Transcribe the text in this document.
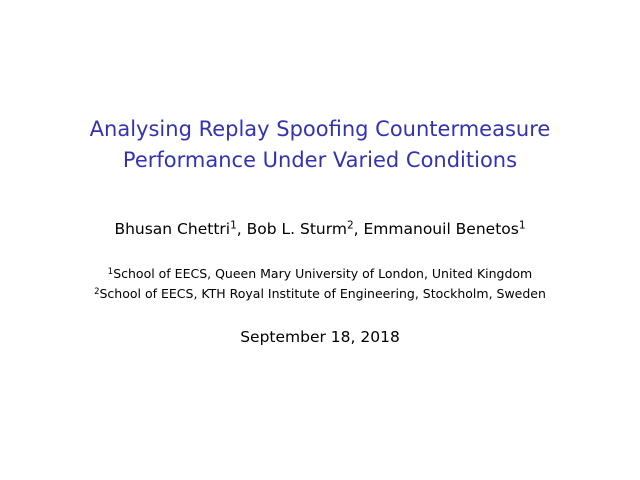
Analysing Replay Spoofing Countermeasure
Performance Under Varied Conditions
Bhusan Chettri$^1$, Bob L. Sturm$^2$, Emmanouil Benetos$^1$
$^1$School of EECS, Queen Mary University of London, United Kingdom
$^2$School of EECS, KTH Royal Institute of Engineering, Stockholm, Sweden
September 18, 2018
